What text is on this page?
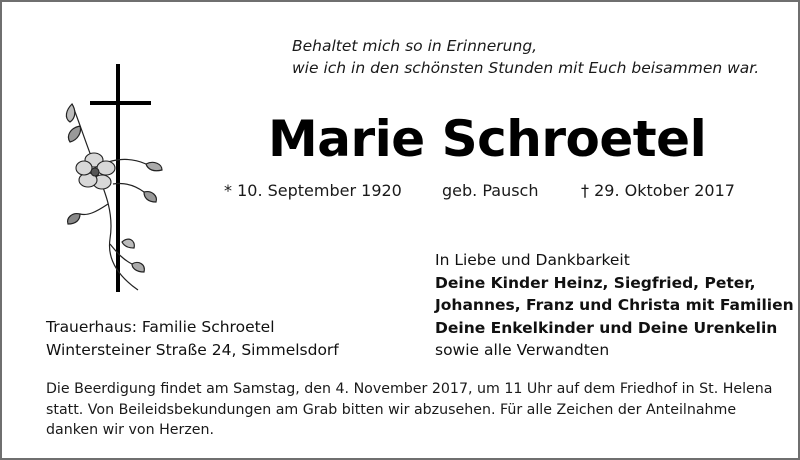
Behaltet mich so in Erinnerung,
wie ich in den schönsten Stunden mit Euch beisammen war.
Marie Schroetel
* 10. September 1920	geb. Pausch	† 29. Oktober 2017
In Liebe und Dankbarkeit
Deine Kinder Heinz, Siegfried, Peter,
Johannes, Franz und Christa mit Familien
Deine Enkelkinder und Deine Urenkelin
sowie alle Verwandten
Trauerhaus: Familie Schroetel
Wintersteiner Straße 24, Simmelsdorf
Die Beerdigung findet am Samstag, den 4. November 2017, um 11 Uhr auf dem Friedhof in St. Helena
statt. Von Beileidsbekundungen am Grab bitten wir abzusehen. Für alle Zeichen der Anteilnahme
danken wir von Herzen.
